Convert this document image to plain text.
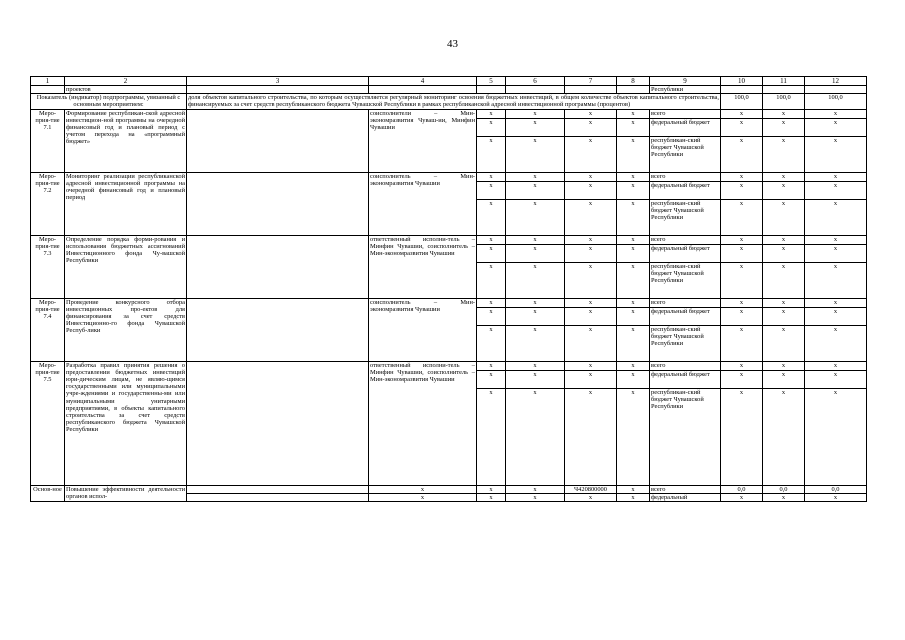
43
1	2	3	4	5	6	7	8	9	10	11	12
	проектов							Республики			
Показатель (индикатор) подпрограммы, увязанный с основным мероприятием:		доля объектов капитального строительства, по которым осуществляется регулярный мониторинг освоения бюджетных инвестиций, в общем количестве объектов капитального строительства, финансируемых за счет средств республиканского бюджета Чувашской Республики в рамках республиканской адресной инвестиционной программы (процентов)							100,0	100,0	100,0
Меро-прия-тие 7.1	Формирование республикан-ской адресной инвестицион-ной программы на очередной финансовый год и плановый период с учетом перехода на «программный бюджет»		соисполнители – Мин-экономразвития Чуваш-ии, Минфин Чувашии	x	x	x	x	всего	x	x	x
				x	x	x	x	федеральный бюджет	x	x	x
				x	x	x	x	республикан-ский бюджет Чувашской Республики	x	x	x
Меро-прия-тие 7.2	Мониторинг реализации республиканской адресной инвестиционной программы на очередной финансовый год и плановый период		соисполнитель – Мин-экономразвития Чувашии	x	x	x	x	всего	x	x	x
				x	x	x	x	федеральный бюджет	x	x	x
				x	x	x	x	республикан-ский бюджет Чувашской Республики	x	x	x
Меро-прия-тие 7.3	Определение порядка форми-рования и использования бюджетных ассигнований Инвестиционного фонда Чу-вашской Республики		ответственный исполни-тель – Минфин Чувашии, соисполнитель – Мин-экономразвития Чувашии	x	x	x	x	всего	x	x	x
				x	x	x	x	федеральный бюджет	x	x	x
				x	x	x	x	республикан-ский бюджет Чувашской Республики	x	x	x
Меро-прия-тие 7.4	Проведение конкурсного отбора инвестиционных про-ектов для финансирования за счет средств Инвестиционно-го фонда Чувашской Респуб-лики		соисполнитель – Мин-экономразвития Чувашии	x	x	x	x	всего	x	x	x
				x	x	x	x	федеральный бюджет	x	x	x
				x	x	x	x	республикан-ский бюджет Чувашской Республики	x	x	x
Меро-прия-тие 7.5	Разработка правил принятия решения о предоставлении бюджетных инвестиций юри-дическим лицам, не являю-щимся государственными или муниципальными учре-ждениями и государственны-ми или муниципальными унитарными предприятиями, в объекты капитального строительства за счет средств республиканского бюджета Чувашской Республики		ответственный исполни-тель – Минфин Чувашии, соисполнитель – Мин-экономразвития Чувашии	x	x	x	x	всего	x	x	x
				x	x	x	x	федеральный бюджет	x	x	x
				x	x	x	x	республикан-ский бюджет Чувашской Республики	x	x	x
Основ-ное	Повышение эффективности деятельности органов испол-		x	x	x	Ч420800000	x	всего	0,0	0,0	0,0
			x	x	x	x	x	федеральный	x	x	x
